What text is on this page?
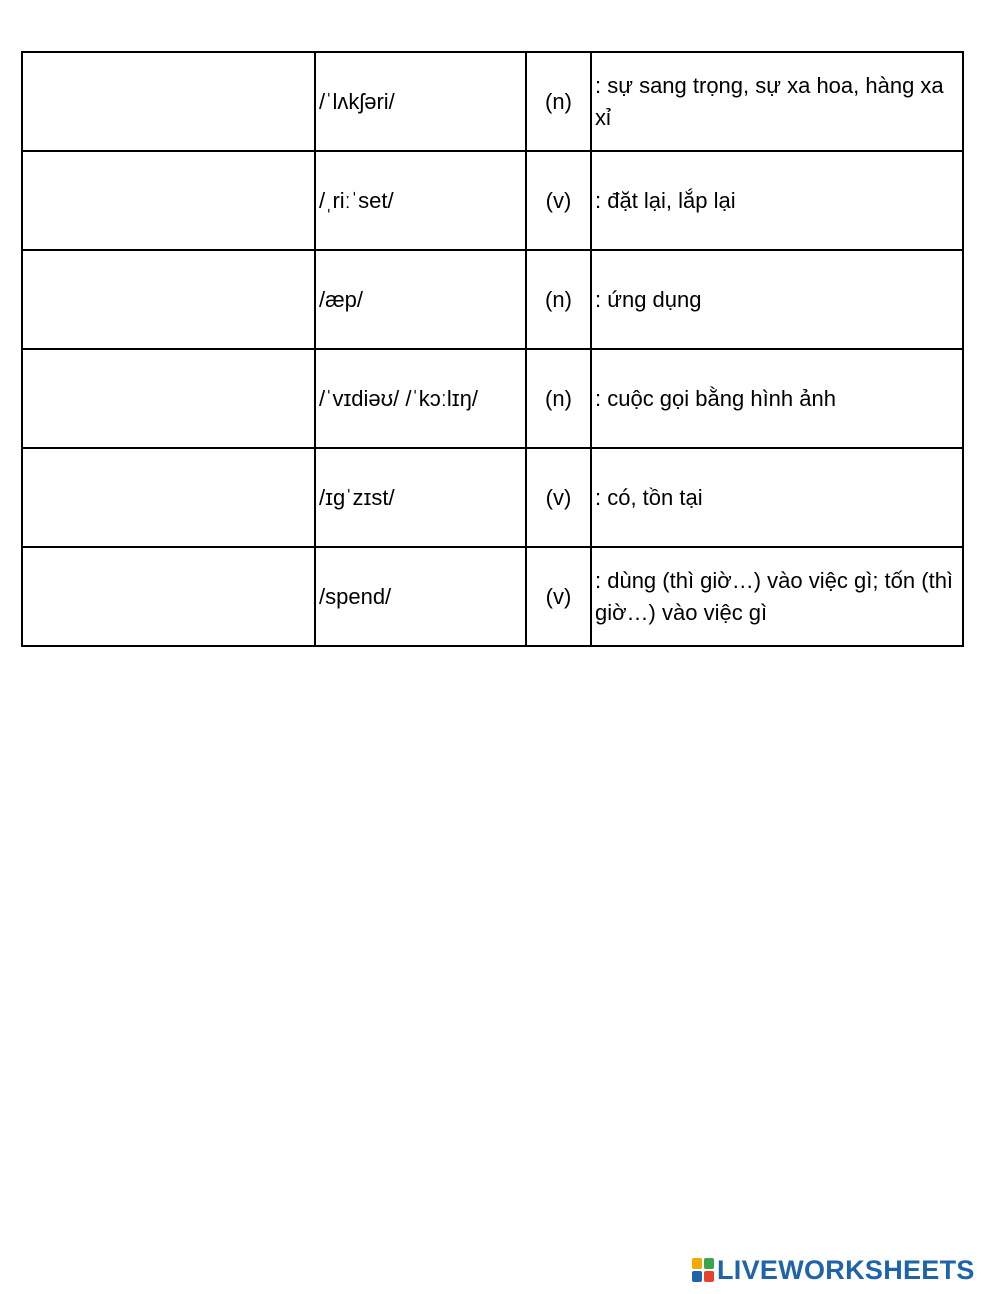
	/ˈlʌkʃəri/	(n)	: sự sang trọng, sự xa hoa, hàng xa xỉ
	/ˌriːˈset/	(v)	: đặt lại, lắp lại
	/æp/	(n)	: ứng dụng
	/ˈvɪdiəʊ/ /ˈkɔːlɪŋ/	(n)	: cuộc gọi bằng hình ảnh
	/ɪɡˈzɪst/	(v)	: có, tồn tại
	/spend/	(v)	: dùng (thì giờ…) vào việc gì; tốn (thì giờ…) vào việc gì
LIVEWORKSHEETS
